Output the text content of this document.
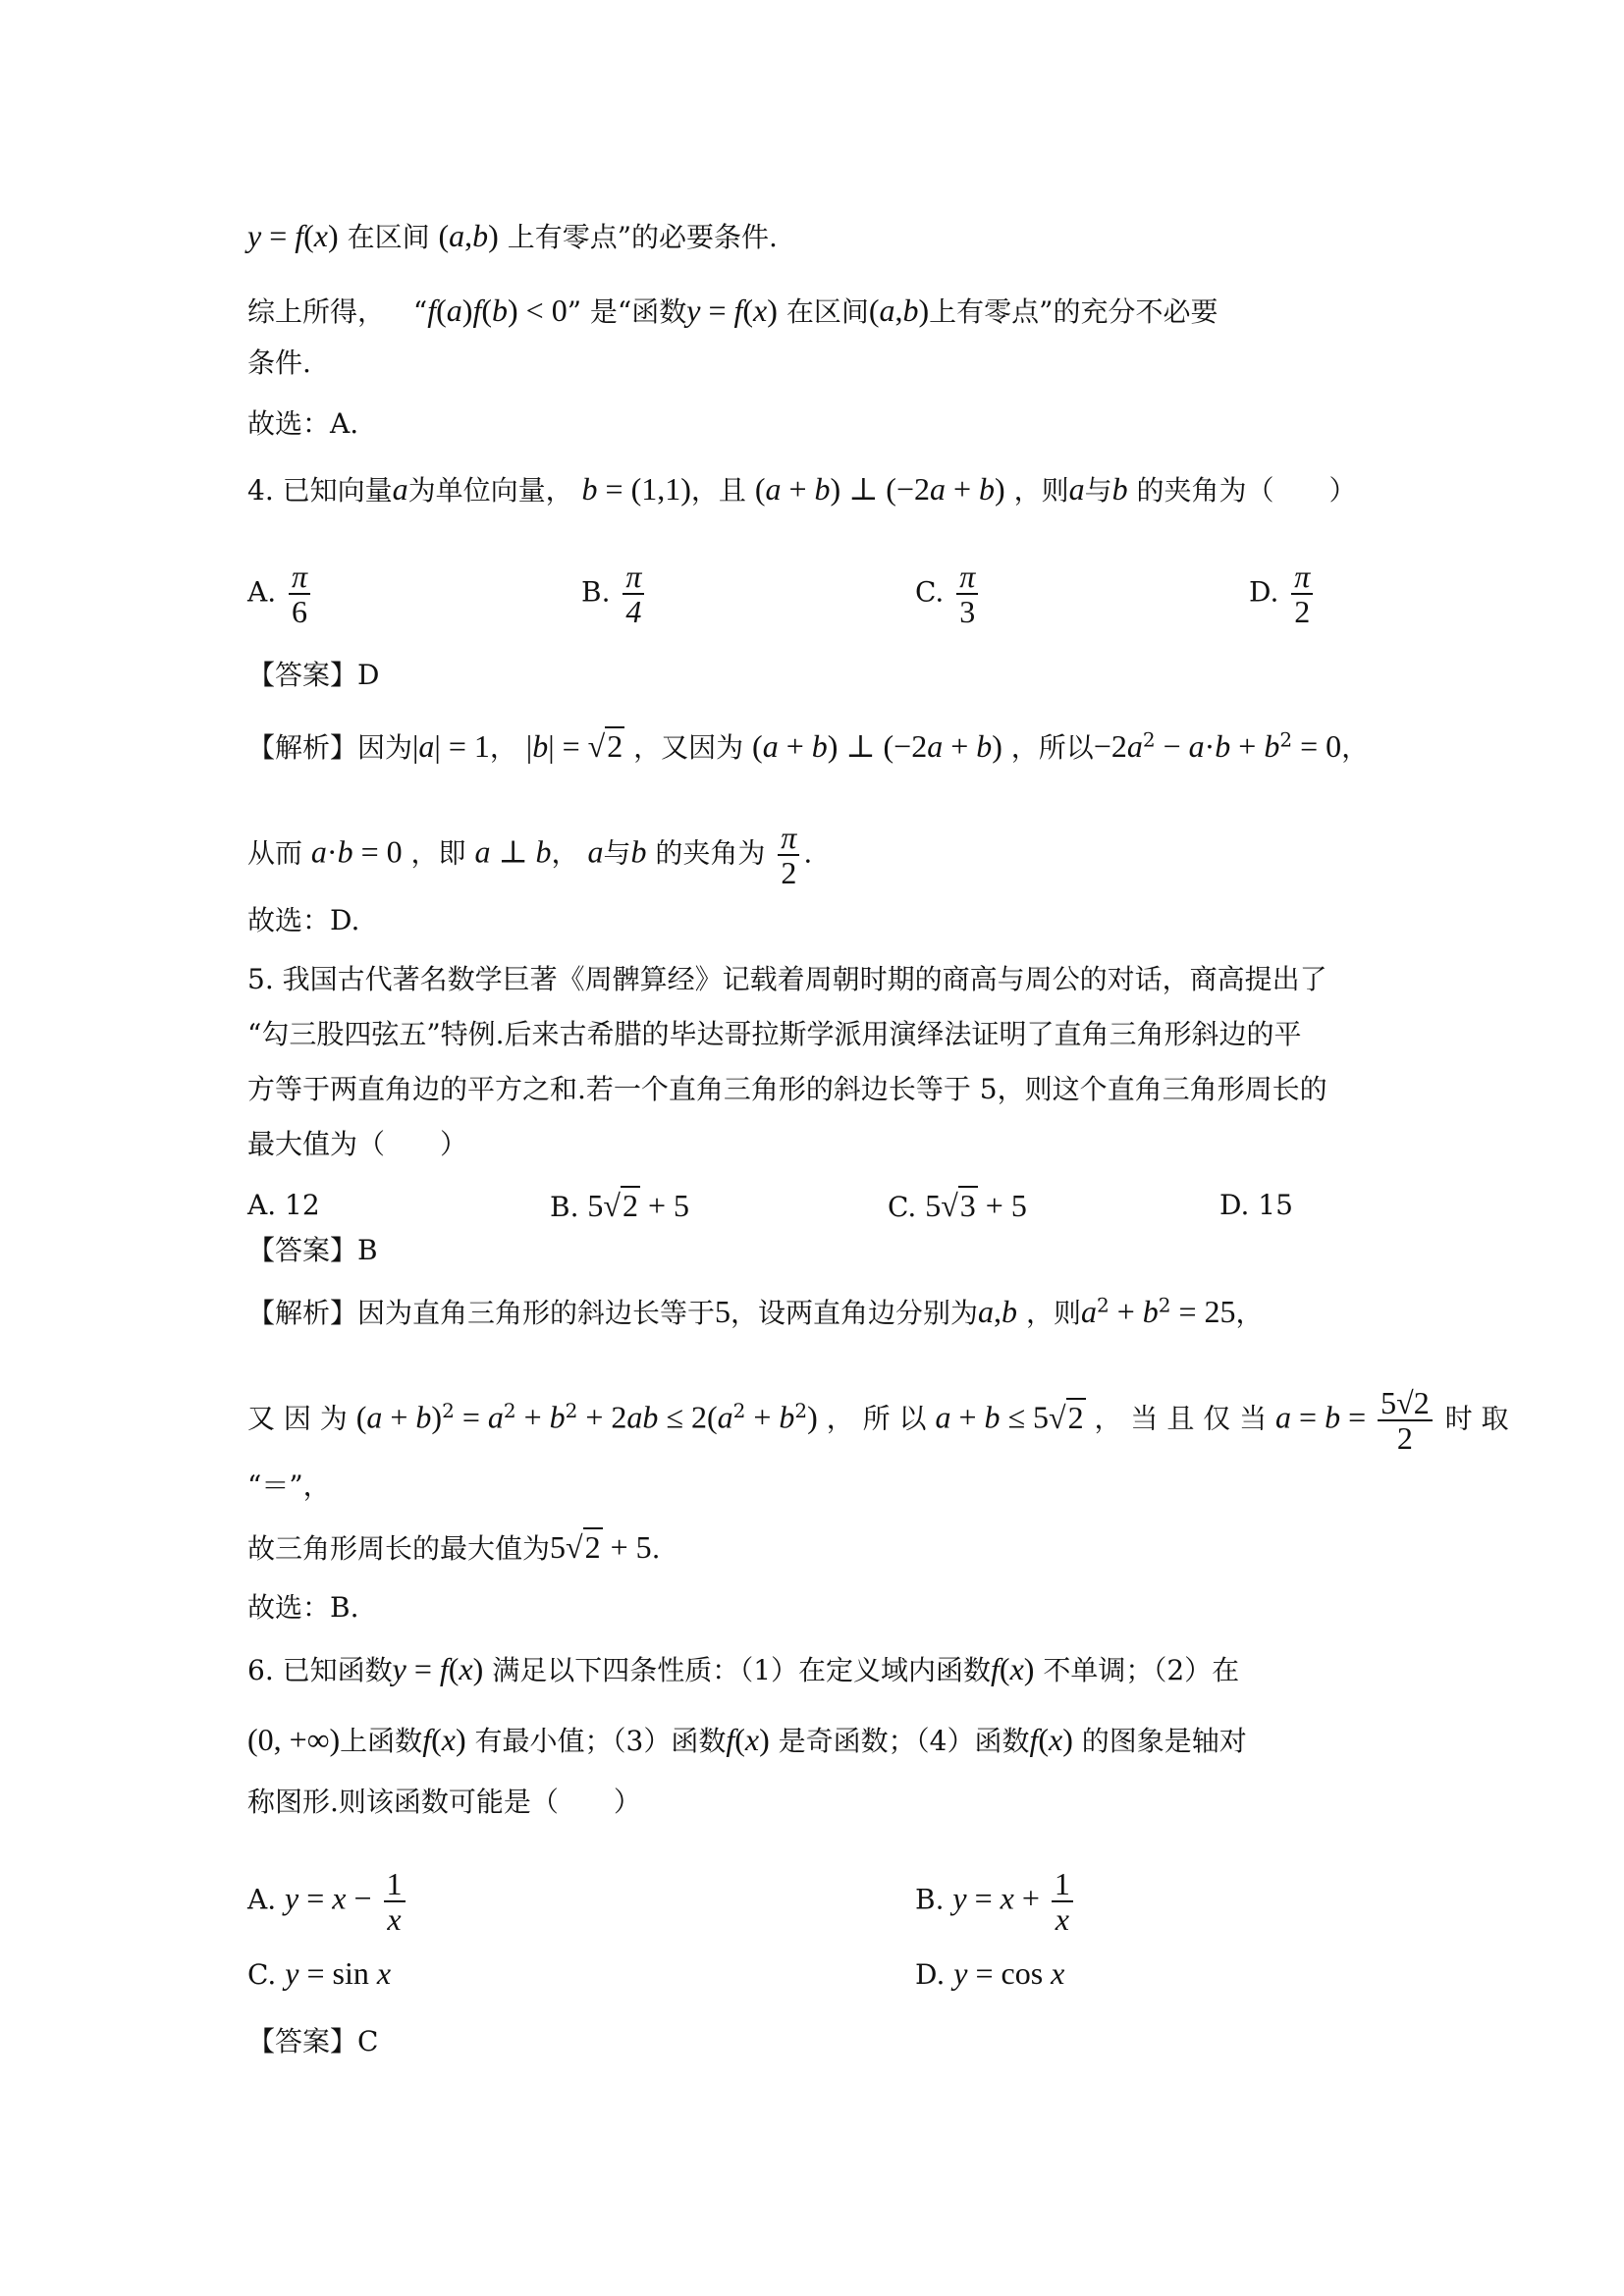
y = f(x) 在区间 (a,b) 上有零点”的必要条件.
综上所得， “f(a)f(b) < 0” 是“函数y = f(x) 在区间(a,b)上有零点”的充分不必要
条件.
故选：A.
4. 已知向量a为单位向量， b = (1,1)，且 (a + b) ⊥ (−2a + b) ，则a与b 的夹角为（　　）
A. $\frac{\pi}{6}$	B. $\frac{\pi}{4}$	C. $\frac{\pi}{3}$	D. $\frac{\pi}{2}$
【答案】D
【解析】因为|a| = 1， |b| = √2 ，又因为 (a + b) ⊥ (−2a + b) ，所以$-2a^2 - a\cdot b + b^2 = 0$，
从而 a·b = 0 ，即 a ⊥ b， a与b 的夹角为 $\frac{\pi}{2}$ .
故选：D.
5. 我国古代著名数学巨著《周髀算经》记载着周朝时期的商高与周公的对话，商高提出了
“勾三股四弦五”特例.后来古希腊的毕达哥拉斯学派用演绎法证明了直角三角形斜边的平
方等于两直角边的平方之和.若一个直角三角形的斜边长等于 5，则这个直角三角形周长的
最大值为（　　）
A. 12	B. 5√2 + 5	C. 5√3 + 5	D. 15
【答案】B
【解析】因为直角三角形的斜边长等于5，设两直角边分别为a,b ，则$a^2 + b^2 = 25$，
又 因 为 $(a + b)^2 = a^2 + b^2 + 2ab \le 2(a^2 + b^2)$ ， 所 以 a + b ≤ 5√2 ， 当 且 仅 当 $a = b = \frac{5√2}{2}$ 时 取
“＝”，
故三角形周长的最大值为5√2 + 5.
故选：B.
6. 已知函数y = f(x) 满足以下四条性质：（1）在定义域内函数f(x) 不单调；（2）在
(0, +∞)上函数f(x) 有最小值；（3）函数f(x) 是奇函数；（4）函数f(x) 的图象是轴对
称图形.则该函数可能是（　　）
A. $y = x - \frac{1}{x}$	B. $y = x + \frac{1}{x}$
C. y = sin x	D. y = cos x
【答案】C
